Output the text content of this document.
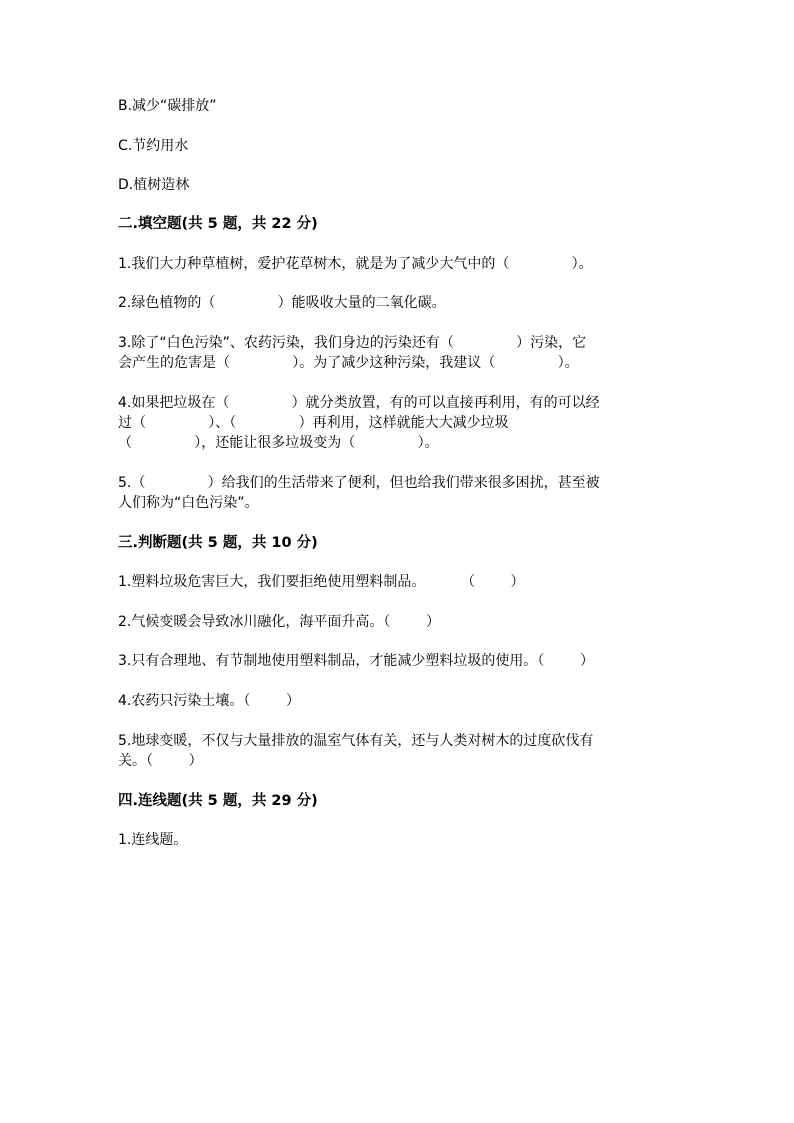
B.减少“碳排放”

C.节约用水

D.植树造林

二.填空题(共 5 题，共 22 分)

1.我们大力种草植树，爱护花草树木，就是为了减少大气中的（              ）。

2.绿色植物的（              ）能吸收大量的二氧化碳。

3.除了“白色污染”、农药污染，我们身边的污染还有（              ）污染，它

会产生的危害是（              ）。为了减少这种污染，我建议（              ）。

4.如果把垃圾在（              ）就分类放置，有的可以直接再利用，有的可以经

过（              ）、（              ）再利用，这样就能大大减少垃圾

（              ），还能让很多垃圾变为（              ）。

5.（              ）给我们的生活带来了便利，但也给我们带来很多困扰，甚至被

人们称为“白色污染”。

三.判断题(共 5 题，共 10 分)

1.塑料垃圾危害巨大，我们要拒绝使用塑料制品。        （        ）

2.气候变暖会导致冰川融化，海平面升高。（        ）

3.只有合理地、有节制地使用塑料制品，才能减少塑料垃圾的使用。（        ）

4.农药只污染土壤。（        ）

5.地球变暖，不仅与大量排放的温室气体有关，还与人类对树木的过度砍伐有

关。（        ）

四.连线题(共 5 题，共 29 分)

1.连线题。
